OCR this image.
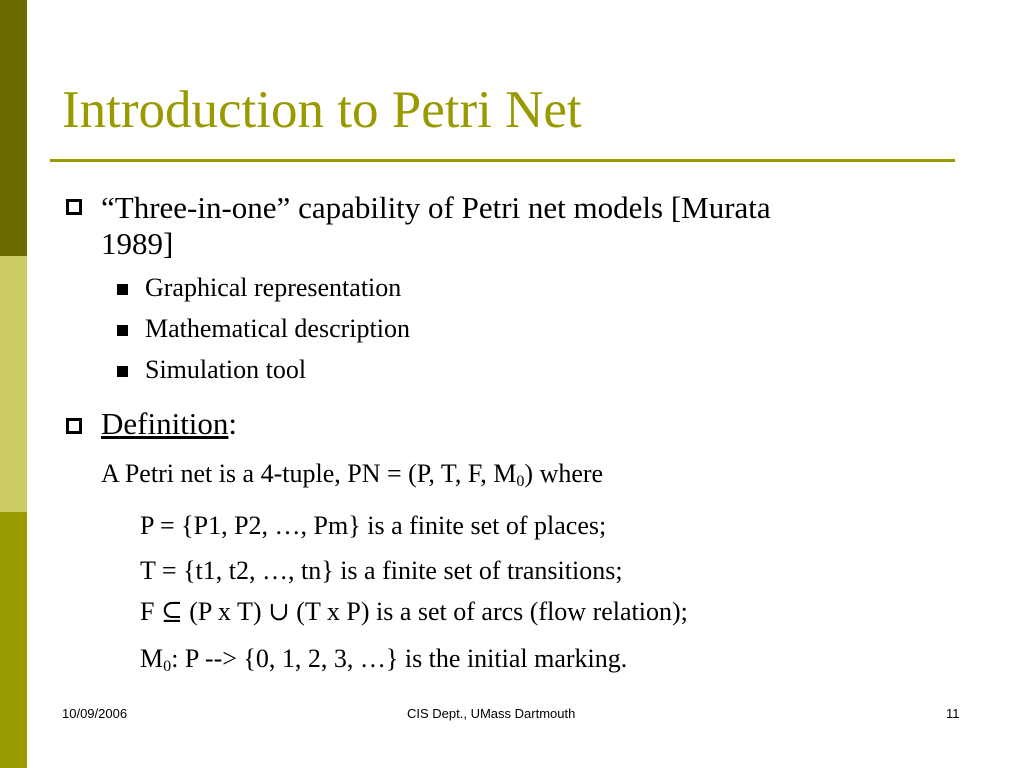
Introduction to Petri Net
“Three-in-one” capability of Petri net models [Murata
1989]
Graphical representation
Mathematical description
Simulation tool
Definition:
A Petri net is a 4-tuple, PN = (P, T, F, $M_0$) where
P = {P1, P2, …, Pm} is a finite set of places;
T = {t1, t2, …, tn} is a finite set of transitions;
F ⊆ (P x T) ∪ (T x P) is a set of arcs (flow relation);
$M_0$: P --> {0, 1, 2, 3, …} is the initial marking.
10/09/2006	CIS Dept., UMass Dartmouth	11
